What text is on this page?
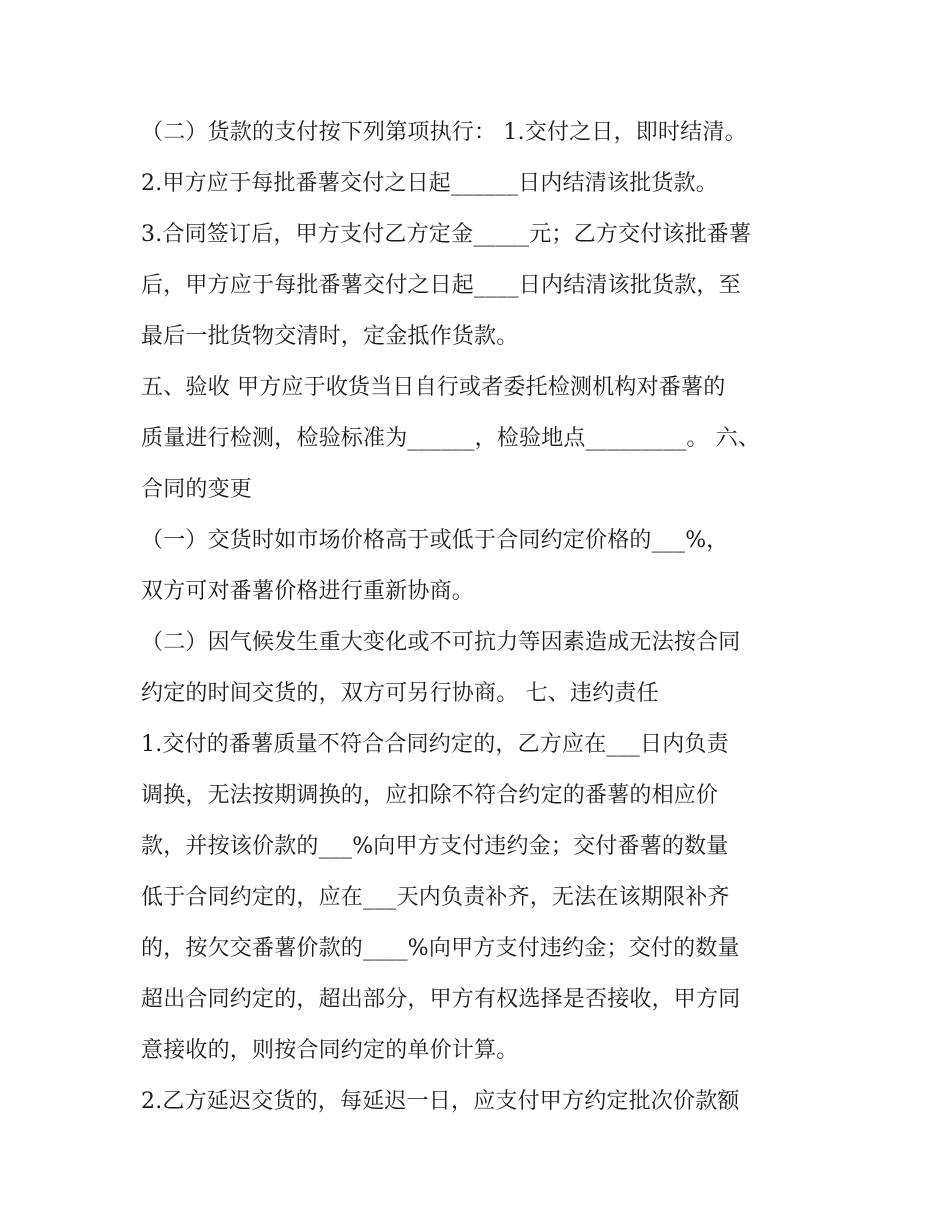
（二）货款的支付按下列第项执行： 1.交付之日，即时结清。
2.甲方应于每批番薯交付之日起______日内结清该批货款。
3.合同签订后，甲方支付乙方定金_____元；乙方交付该批番薯
后，甲方应于每批番薯交付之日起____日内结清该批货款，至
最后一批货物交清时，定金抵作货款。
五、验收 甲方应于收货当日自行或者委托检测机构对番薯的
质量进行检测，检验标准为______，检验地点_________。 六、
合同的变更
（一）交货时如市场价格高于或低于合同约定价格的___%，
双方可对番薯价格进行重新协商。
（二）因气候发生重大变化或不可抗力等因素造成无法按合同
约定的时间交货的，双方可另行协商。 七、违约责任
1.交付的番薯质量不符合合同约定的，乙方应在___日内负责
调换，无法按期调换的，应扣除不符合约定的番薯的相应价
款，并按该价款的___%向甲方支付违约金；交付番薯的数量
低于合同约定的，应在___天内负责补齐，无法在该期限补齐
的，按欠交番薯价款的____%向甲方支付违约金；交付的数量
超出合同约定的，超出部分，甲方有权选择是否接收，甲方同
意接收的，则按合同约定的单价计算。
2.乙方延迟交货的，每延迟一日，应支付甲方约定批次价款额
